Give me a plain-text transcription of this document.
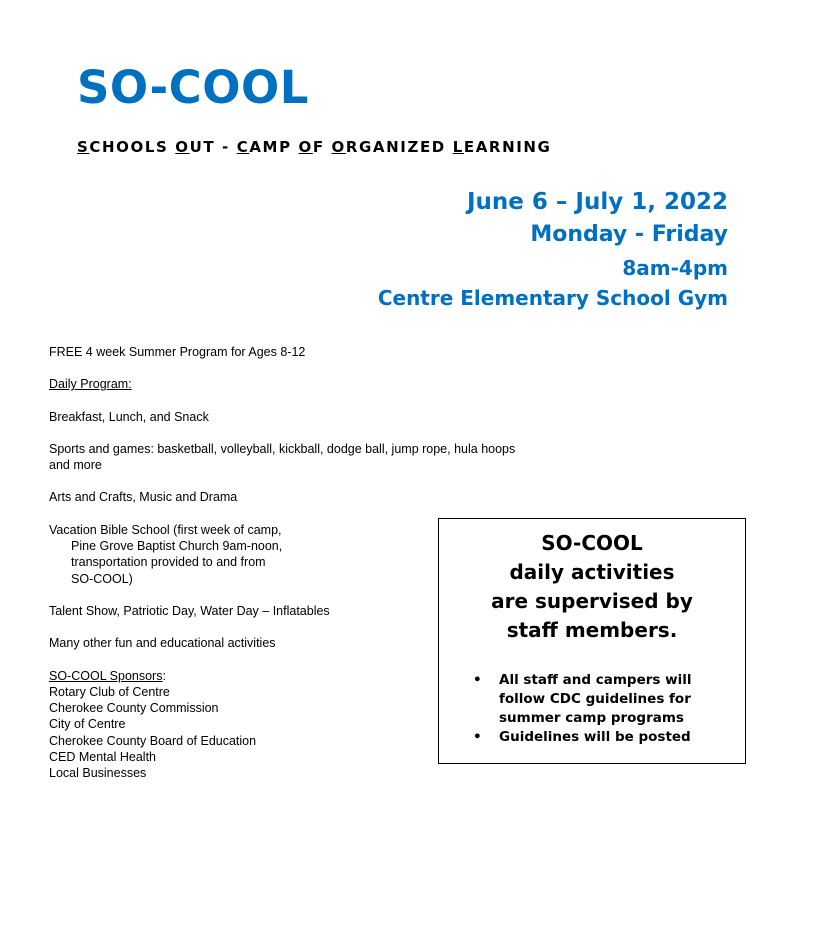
SO-COOL
SCHOOLS OUT - CAMP OF ORGANIZED LEARNING
June 6 – July 1, 2022
Monday - Friday
8am-4pm
Centre Elementary School Gym

FREE 4 week Summer Program for Ages 8-12

Daily Program:

Breakfast, Lunch, and Snack

Sports and games: basketball, volleyball, kickball, dodge ball, jump rope, hula hoops

and more

Arts and Crafts, Music and Drama

Vacation Bible School (first week of camp,

Pine Grove Baptist Church 9am-noon,

transportation provided to and from

SO-COOL)

Talent Show, Patriotic Day, Water Day – Inflatables

Many other fun and educational activities

SO-COOL Sponsors:

Rotary Club of Centre

Cherokee County Commission

City of Centre

Cherokee County Board of Education

CED Mental Health

Local Businesses

SO-COOL
daily activities
are supervised by
staff members.
• All staff and campers will
follow CDC guidelines for
summer camp programs
• Guidelines will be posted
